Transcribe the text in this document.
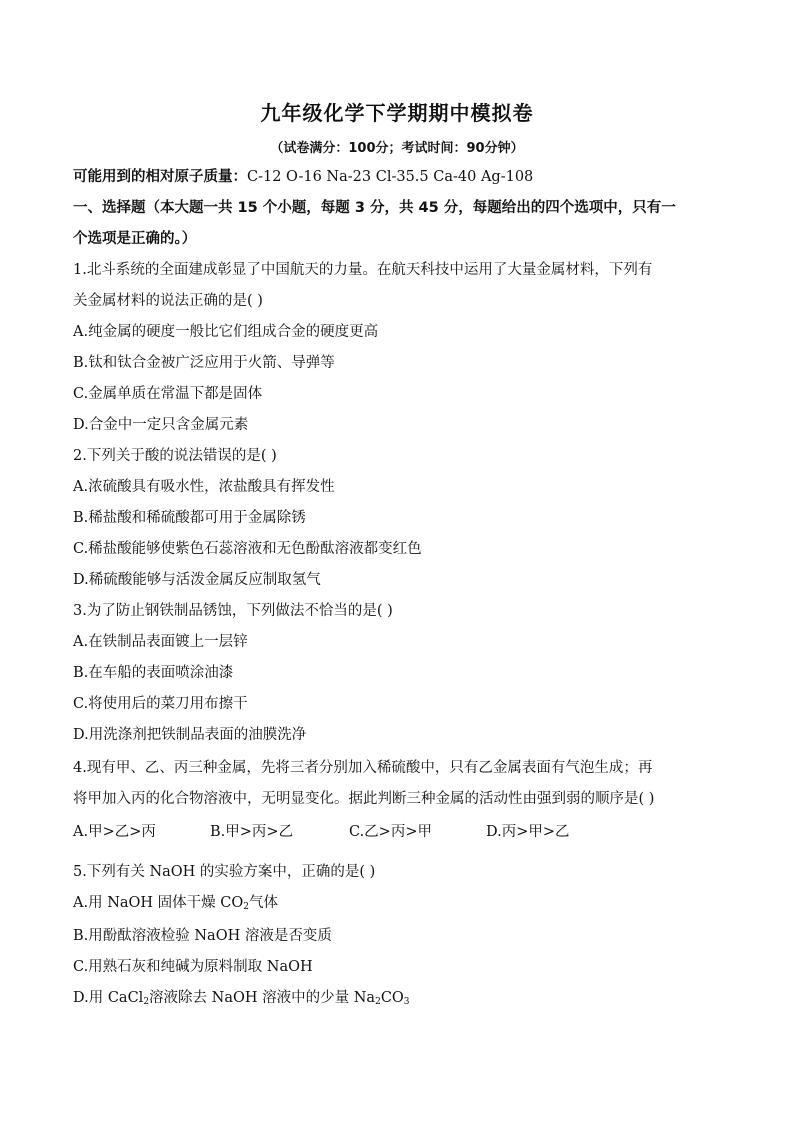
九年级化学下学期期中模拟卷
（试卷满分：100分；考试时间：90分钟）
可能用到的相对原子质量：C-12 O-16 Na-23 Cl-35.5 Ca-40 Ag-108
一、选择题（本大题一共 15 个小题，每题 3 分，共 45 分，每题给出的四个选项中，只有一
个选项是正确的。）
1.北斗系统的全面建成彰显了中国航天的力量。在航天科技中运用了大量金属材料，下列有
关金属材料的说法正确的是( )
A.纯金属的硬度一般比它们组成合金的硬度更高
B.钛和钛合金被广泛应用于火箭、导弹等
C.金属单质在常温下都是固体
D.合金中一定只含金属元素
2.下列关于酸的说法错误的是( )
A.浓硫酸具有吸水性，浓盐酸具有挥发性
B.稀盐酸和稀硫酸都可用于金属除锈
C.稀盐酸能够使紫色石蕊溶液和无色酚酞溶液都变红色
D.稀硫酸能够与活泼金属反应制取氢气
3.为了防止钢铁制品锈蚀，下列做法不恰当的是( )
A.在铁制品表面镀上一层锌
B.在车船的表面喷涂油漆
C.将使用后的菜刀用布擦干
D.用洗涤剂把铁制品表面的油膜洗净
4.现有甲、乙、丙三种金属，先将三者分别加入稀硫酸中，只有乙金属表面有气泡生成；再
将甲加入丙的化合物溶液中，无明显变化。据此判断三种金属的活动性由强到弱的顺序是( )
A.甲>乙>丙	B.甲>丙>乙	C.乙>丙>甲	D.丙>甲>乙
5.下列有关 NaOH 的实验方案中，正确的是( )
A.用 NaOH 固体干燥 $CO_2$气体
B.用酚酞溶液检验 NaOH 溶液是否变质
C.用熟石灰和纯碱为原料制取 NaOH
D.用 CaCl$_2$溶液除去 NaOH 溶液中的少量 $Na_2CO_3$
